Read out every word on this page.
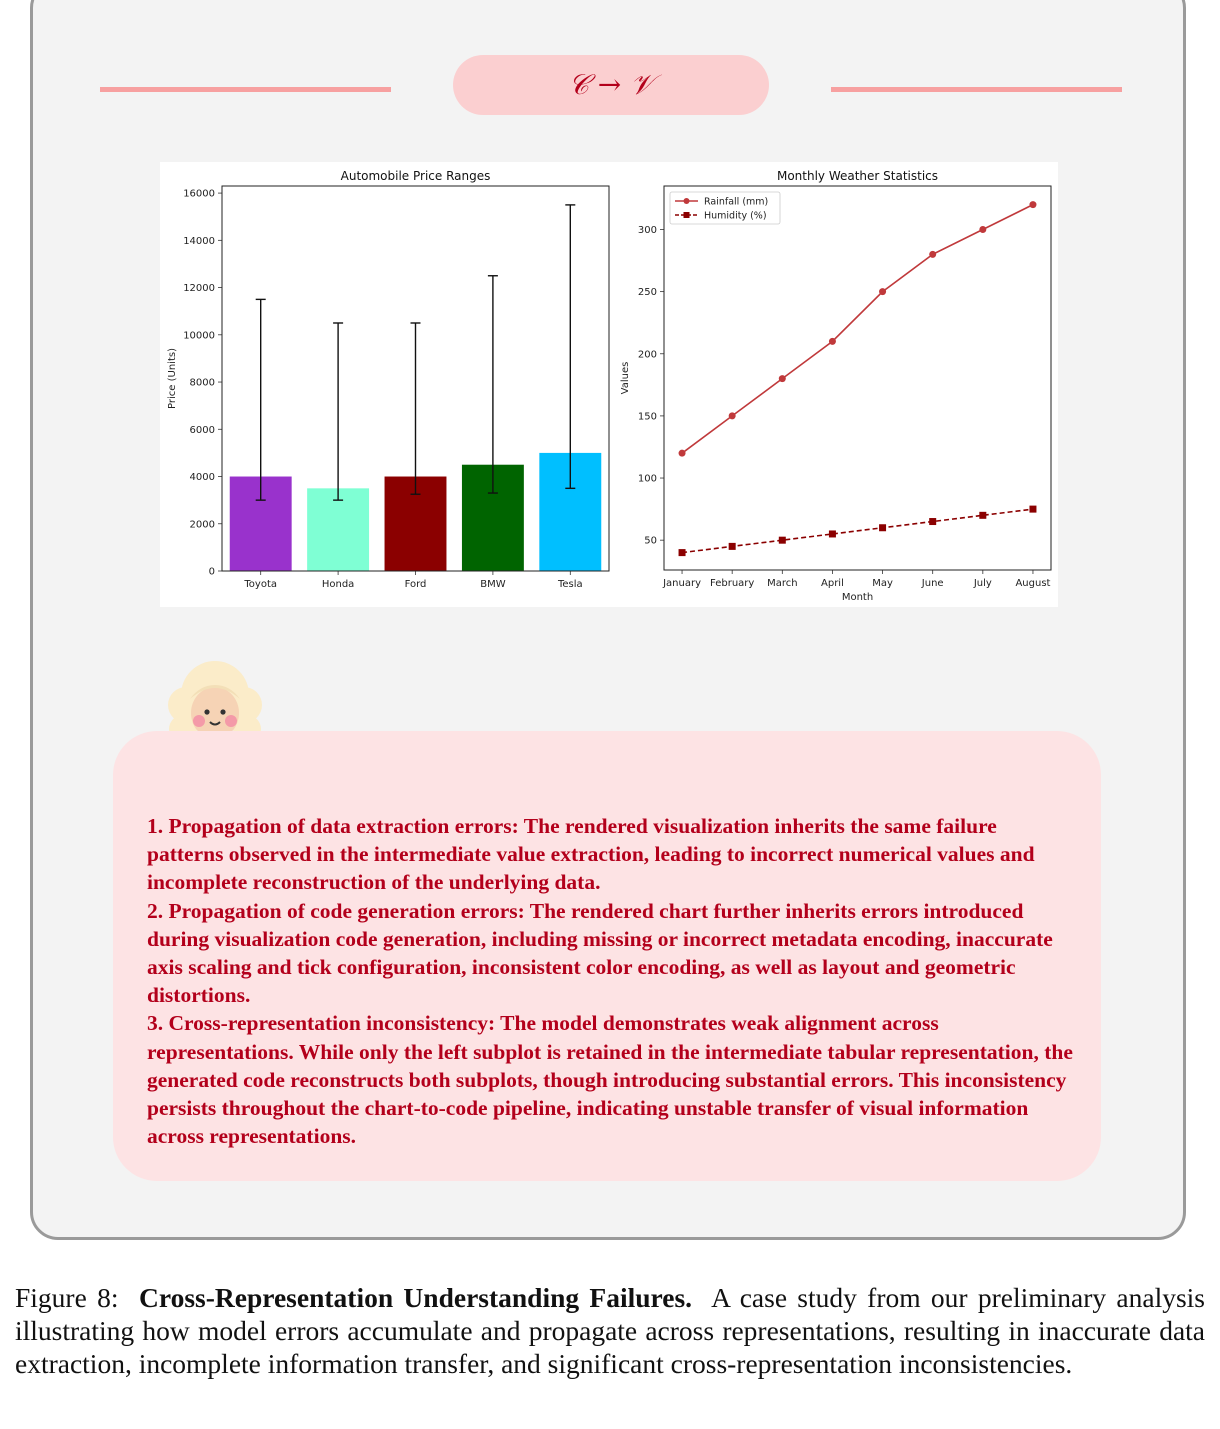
𝒞 → 𝒱
Toyota	Honda	Ford	BMW	Tesla
0
2000
4000
6000
8000
10000
12000
14000
16000
Automobile Price Ranges
Price (Units)
50
100
150
200
250
300
January February March April	May	June	July August
Rainfall (mm)
Humidity (%)
Monthly Weather Statistics
Month
Values

1. Propagation of data extraction errors: The rendered visualization inherits the same failure patterns observed in the intermediate value extraction, leading to incorrect numerical values and incomplete reconstruction of the underlying data.

2. Propagation of code generation errors: The rendered chart further inherits errors introduced during visualization code generation, including missing or incorrect metadata encoding, inaccurate axis scaling and tick configuration, inconsistent color encoding, as well as layout and geometric distortions.

3. Cross-representation inconsistency: The model demonstrates weak alignment across representations. While only the left subplot is retained in the intermediate tabular representation, the generated code reconstructs both subplots, though introducing substantial errors. This inconsistency persists throughout the chart-to-code pipeline, indicating unstable transfer of visual information across representations.

Figure 8: Cross-Representation Understanding Failures. A case study from our preliminary analysis illustrating how model errors accumulate and propagate across representations, resulting in inaccurate data extraction, incomplete information transfer, and significant cross-representation inconsistencies.
